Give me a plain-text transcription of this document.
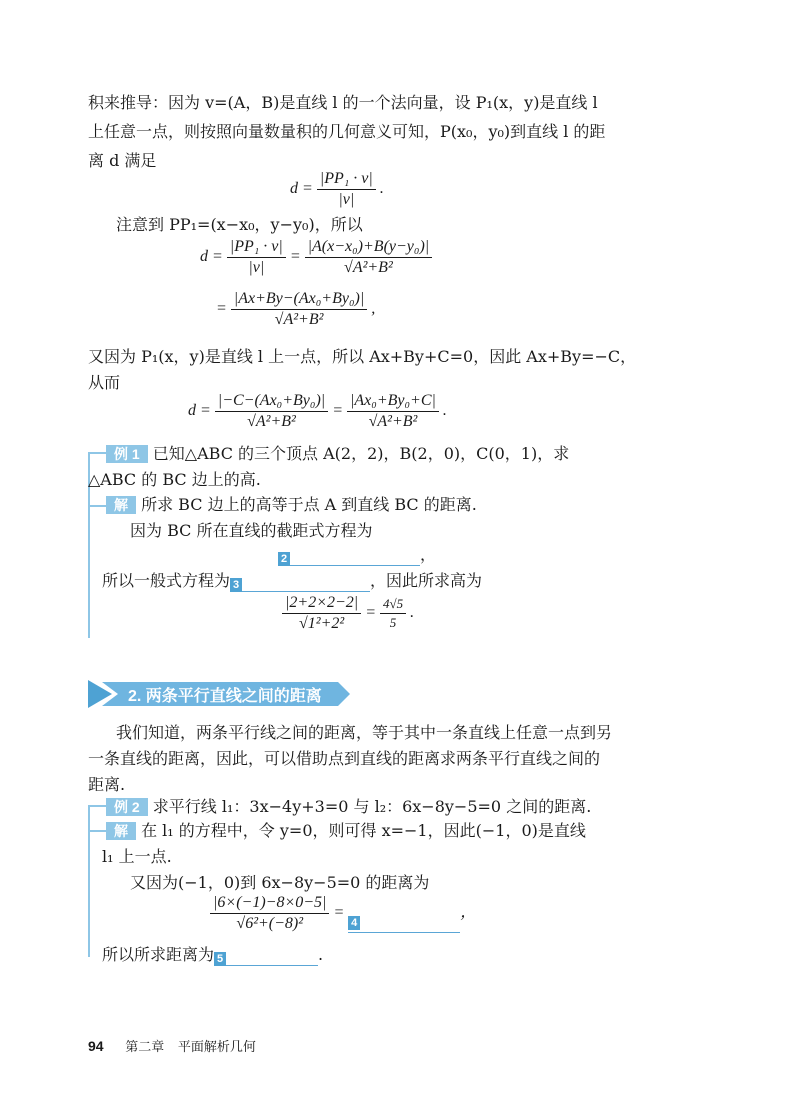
积来推导：因为 v=(A，B)是直线 l 的一个法向量，设 P₁(x，y)是直线 l
上任意一点，则按照向量数量积的几何意义可知，P(x₀，y₀)到直线 l 的距
离 d 满足
$d = \frac{\text{|PP₁ · v|}}{|v|}$ .
注意到 PP₁=(x−x₀，y−y₀)，所以
$d = \frac{\text{|PP₁ · v|}}{|v|} = \frac{\text{|A(x−x₀)+B(y−y₀)|}}{\text{√A²+B²}}$
= $\frac{\text{|Ax+By−(Ax₀+By₀)|}}{\text{√A²+B²}}$ ,
又因为 P₁(x，y)是直线 l 上一点，所以 Ax+By+C=0，因此 Ax+By=−C，
从而
$d = \frac{\text{|−C−(Ax₀+By₀)|}}{\text{√A²+B²}} = \frac{\text{|Ax₀+By₀+C|}}{\text{√A²+B²}}$ .
例 1 已知△ABC 的三个顶点 A(2，2)，B(2，0)，C(0，1)，求
△ABC 的 BC 边上的高.
解 所求 BC 边上的高等于点 A 到直线 BC 的距离.
因为 BC 所在直线的截距式方程为
2	，
所以一般式方程为 3	，因此所求高为
$\frac{|2+2\times 2-2|}{\text{√1²+2²}} = \frac{4√5}{5}$ .
2. 两条平行直线之间的距离
我们知道，两条平行线之间的距离，等于其中一条直线上任意一点到另
一条直线的距离，因此，可以借助点到直线的距离求两条平行直线之间的
距离.
例 2 求平行线 l₁：3x−4y+3=0 与 l₂：6x−8y−5=0 之间的距离.
解 在 l₁ 的方程中，令 y=0，则可得 x=−1，因此(−1，0)是直线
l₁ 上一点.
又因为(−1，0)到 6x−8y−5=0 的距离为
$\frac{|6\times(-1)-8\times 0-5|}{\text{√6²+(−8)²}} = 4$，
所以所求距离为 5	.
94 第二章 平面解析几何
